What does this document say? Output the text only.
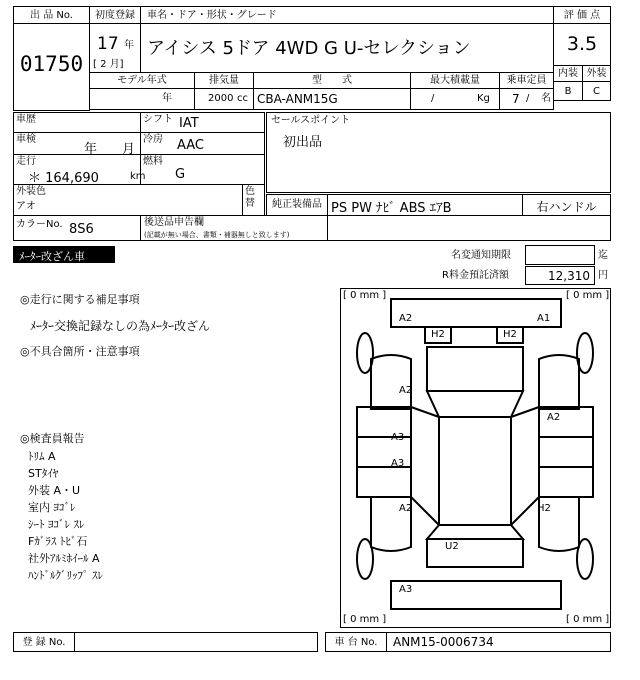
出 品 No.
01750
初度登録	車名・ドア・形状・グレード
17 年
[ 2 月]
アイシス 5ドア 4WD G U-セレクション
モデル年式	排気量	型　　式	最大積載量	乗車定員
年	2000 cc CBA-ANM15G	/	Kg 7 / 名
評 価 点
3.5
内装 外装
B	C
車歴	シフト IAT
車検
年 月
冷房 AAC
走行
＊ 164,690	km
燃料
G
外装色
アオ
色替
カラーNo. 8S6	後送品申告欄
(記載が無い場合、書類・補器無しと致します)
セールスポイント
初出品
純正装備品 PS PW ﾅﾋﾞ ABS ｴｱB	右ハンドル
ﾒｰﾀｰ改ざん車	名変通知期限	迄
R料金預託済額	12,310 円
◎走行に関する補足事項
ﾒｰﾀｰ交換記録なしの為ﾒｰﾀｰ改ざん
◎不具合箇所・注意事項
◎検査員報告
ﾄﾘﾑ A
STﾀｲﾔ
外装 A・U
室内 ﾖｺﾞﾚ
ｼｰﾄ ﾖｺﾞﾚ ｽﾚ
Fｶﾞﾗｽ ﾄﾋﾞ石
社外ｱﾙﾐﾎｲｰﾙ A
ﾊﾝﾄﾞﾙｸﾞﾘｯﾌﾟ ｽﾚ
[ 0 mm ]	[ 0 mm ]
[ 0 mm ]	[ 0 mm ]
A2	A1
H2	H2
A2
A3
A3
A2
A2	H2
U2
A3
登 録 No.	車 台 No.	ANM15-0006734
